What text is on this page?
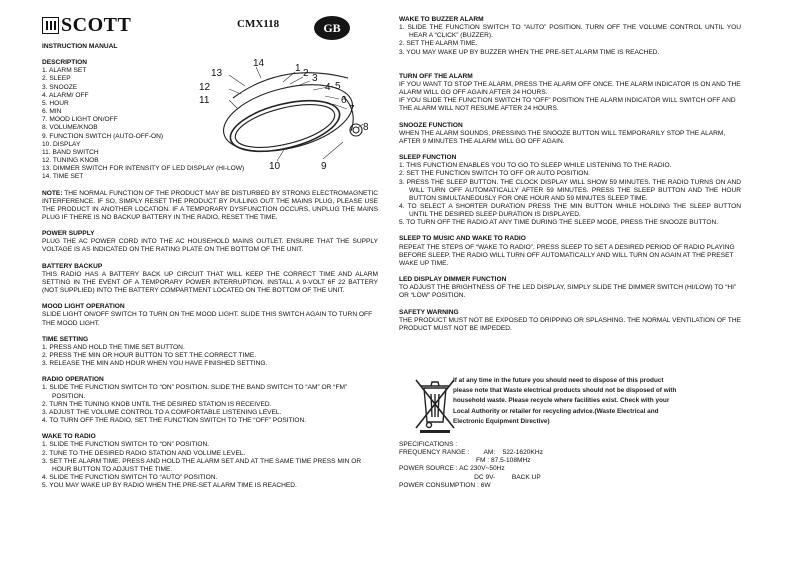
SCOTT	CMX118	GB
1 2 3
4 5
6
7
8
9
10
11
12
13
14

INSTRUCTION MANUAL

DESCRIPTION

1. ALARM SET

2. SLEEP

3. SNOOZE

4. ALARM/ OFF

5. HOUR

6. MIN

7. MOOD LIGHT ON/OFF

8. VOLUME/KNOB

9. FUNCTION SWITCH (AUTO-OFF-ON)

10. DISPLAY

11. BAND SWITCH

12. TUNING KNOB

13. DIMMER SWITCH FOR INTENSITY OF LED DISPLAY (HI-LOW)

14. TIME SET

NOTE: THE NORMAL FUNCTION OF THE PRODUCT MAY BE DISTURBED BY STRONG ELECTROMAGNETIC INTERFERENCE. IF SO, SIMPLY RESET THE PRODUCT BY PULLING OUT THE MAINS PLUG, PLEASE USE THE PRODUCT IN ANOTHER LOCATION. IF A TEMPORARY DYSFUNCTION OCCURS, UNPLUG THE MAINS PLUG IF THERE IS NO BACKUP BATTERY IN THE RADIO, RESET THE TIME.

POWER SUPPLY

PLUG THE AC POWER CORD INTO THE AC HOUSEHOLD MAINS OUTLET. ENSURE THAT THE SUPPLY VOLTAGE IS AS INDICATED ON THE RATING PLATE ON THE BOTTOM OF THE UNIT.

BATTERY BACKUP

THIS RADIO HAS A BATTERY BACK UP CIRCUIT THAT WILL KEEP THE CORRECT TIME AND ALARM SETTING IN THE EVENT OF A TEMPORARY POWER INTERRUPTION. INSTALL A 9-VOLT 6F 22 BATTERY (NOT SUPPLIED) INTO THE BATTERY COMPARTMENT LOCATED ON THE BOTTOM OF THE UNIT.

MOOD LIGHT OPERATION

SLIDE LIGHT ON/OFF SWITCH TO TURN ON THE MOOD LIGHT. SLIDE THIS SWITCH AGAIN TO TURN OFF THE MOOD LIGHT.

TIME SETTING

1. PRESS AND HOLD THE TIME SET BUTTON.

2. PRESS THE MIN OR HOUR BUTTON TO SET THE CORRECT TIME.

3. RELEASE THE MIN AND HOUR WHEN YOU HAVE FINISHED SETTING.

RADIO OPERATION

1. SLIDE THE FUNCTION SWITCH TO “ON” POSITION. SLIDE THE BAND SWITCH TO “AM” OR “FM” POSITION.

2. TURN THE TUNING KNOB UNTIL THE DESIRED STATION IS RECEIVED.

3. ADJUST THE VOLUME CONTROL TO A COMFORTABLE LISTENING LEVEL.

4. TO TURN OFF THE RADIO, SET THE FUNCTION SWITCH TO THE “OFF” POSITION.

WAKE TO RADIO

1. SLIDE THE FUNCTION SWITCH TO “ON” POSITION.

2. TUNE TO THE DESIRED RADIO STATION AND VOLUME LEVEL.

3. SET THE ALARM TIME. PRESS AND HOLD THE ALARM SET AND AT THE SAME TIME PRESS MIN OR HOUR BUTTON TO ADJUST THE TIME.

4. SLIDE THE FUNCTION SWITCH TO “AUTO” POSITION.

5. YOU MAY WAKE UP BY RADIO WHEN THE PRE-SET ALARM TIME IS REACHED.

WAKE TO BUZZER ALARM

1. SLIDE THE FUNCTION SWITCH TO “AUTO” POSITION. TURN OFF THE VOLUME CONTROL UNTIL YOU HEAR A “CLICK” (BUZZER).

2. SET THE ALARM TIME.

3. YOU MAY WAKE UP BY BUZZER WHEN THE PRE-SET ALARM TIME IS REACHED.

TURN OFF THE ALARM

IF YOU WANT TO STOP THE ALARM, PRESS THE ALARM OFF ONCE. THE ALARM INDICATOR IS ON AND THE ALARM WILL GO OFF AGAIN AFTER 24 HOURS.

IF YOU SLIDE THE FUNCTION SWITCH TO “OFF” POSITION THE ALARM INDICATOR WILL SWITCH OFF AND THE ALARM WILL NOT RESUME AFTER 24 HOURS.

SNOOZE FUNCTION

WHEN THE ALARM SOUNDS, PRESSING THE SNOOZE BUTTON WILL TEMPORARILY STOP THE ALARM, AFTER 9 MINUTES THE ALARM WILL GO OFF AGAIN.

SLEEP FUNCTION

1. THIS FUNCTION ENABLES YOU TO GO TO SLEEP WHILE LISTENING TO THE RADIO.

2. SET THE FUNCTION SWITCH TO OFF OR AUTO POSITION.

3. PRESS THE SLEEP BUTTON. THE CLOCK DISPLAY WILL SHOW 59 MINUTES. THE RADIO TURNS ON AND WILL TURN OFF AUTOMATICALLY AFTER 59 MINUTES. PRESS THE SLEEP BUTTON AND THE HOUR BUTTON SIMULTANEOUSLY FOR ONE HOUR AND 59 MINUTES SLEEP TIME.

4. TO SELECT A SHORTER DURATION PRESS THE MIN BUTTON WHILE HOLDING THE SLEEP BUTTON UNTIL THE DESIRED SLEEP DURATION IS DISPLAYED.

5. TO TURN OFF THE RADIO AT ANY TIME DURING THE SLEEP MODE, PRESS THE SNOOZE BUTTON.

SLEEP TO MUSIC AND WAKE TO RADIO

REPEAT THE STEPS OF “WAKE TO RADIO”. PRESS SLEEP TO SET A DESIRED PERIOD OF RADIO PLAYING BEFORE SLEEP. THE RADIO WILL TURN OFF AUTOMATICALLY AND WILL TURN ON AGAIN AT THE PRESET WAKE UP TIME.

LED DISPLAY DIMMER FUNCTION

TO ADJUST THE BRIGHTNESS OF THE LED DISPLAY, SIMPLY SLIDE THE DIMMER SWITCH (HI/LOW) TO “HI” OR “LOW” POSITION.

SAFETY WARNING

THE PRODUCT MUST NOT BE EXPOSED TO DRIPPING OR SPLASHING. THE NORMAL VENTILATION OF THE PRODUCT MUST NOT BE IMPEDED.

If at any time in the future you should need to dispose of this product please note that Waste electrical products should not be disposed of with household waste. Please recycle where facilities exist. Check with your Local Authority or retailer for recycling advice.(Waste Electrical and Electronic Equipment Directive)

SPECIFICATIONS :

FREQUENCY RANGE :        AM:    522-1620KHz

FM : 87.5-108MHz

POWER SOURCE : AC 230V~50Hz

DC 9V-         BACK UP

POWER CONSUMPTION : 6W
